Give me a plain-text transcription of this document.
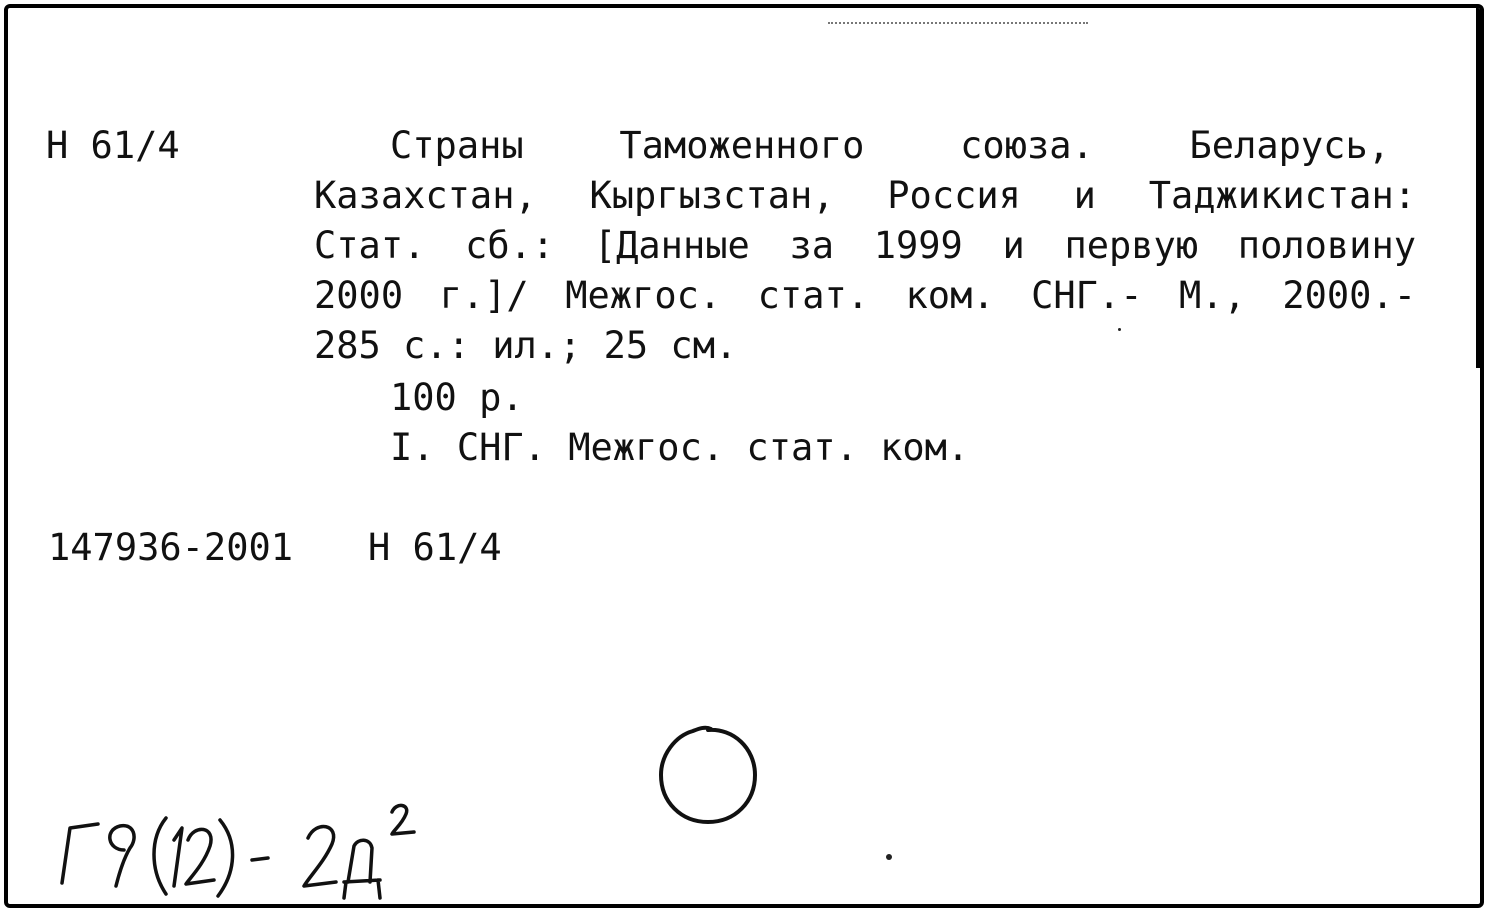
Н 61/4	Страны Таможенного союза. Беларусь,
Казахстан, Кыргызстан, Россия и Таджикистан:
Стат. сб.: [Данные за 1999 и первую половину
2000 г.]/ Межгос. стат. ком. СНГ.- М., 2000.-
285 с.: ил.; 25 см.
100 р.
I. СНГ. Межгос. стат. ком.
147936-2001 Н 61/4
